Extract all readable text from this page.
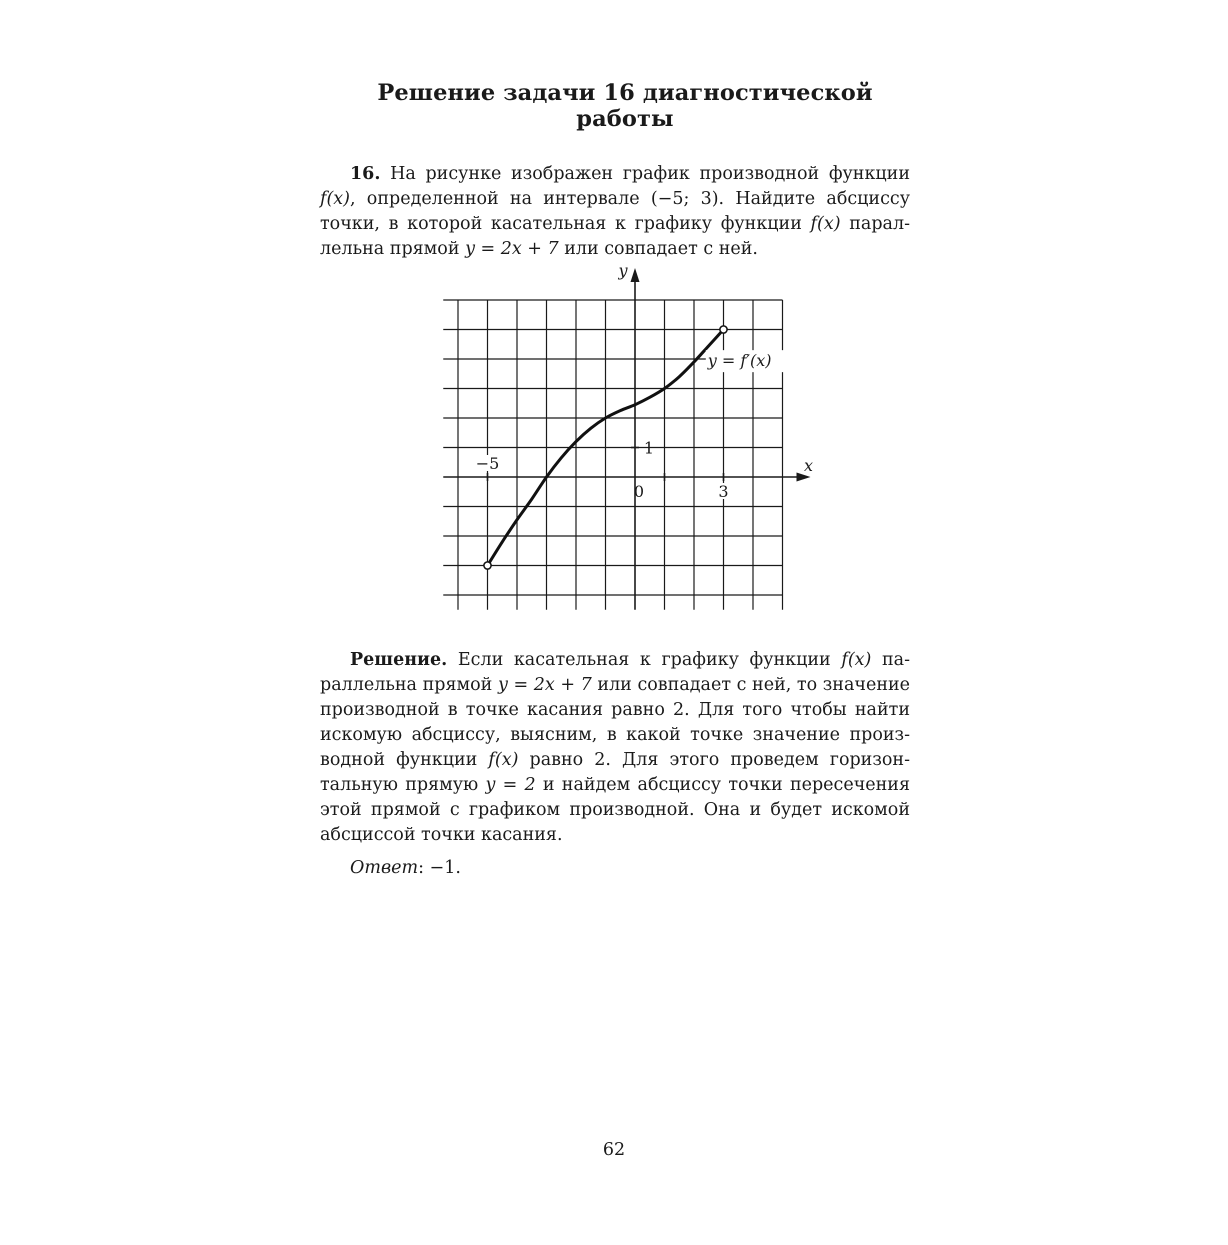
Решение задачи 16 диагностической работы

16. На рисунке изображен график производной функции f(x), определенной на интервале (−5; 3). Найдите абсциссу точки, в которой касательная к графику функции f(x) парал-лельна прямой y = 2x + 7 или совпадает с ней.

x
y
−5
0	3
1
y = f′(x)

Решение. Если касательная к графику функции f(x) па-раллельна прямой y = 2x + 7 или совпадает с ней, то значение производной в точке касания равно 2. Для того чтобы найти искомую абсциссу, выясним, в какой точке значение произ-водной функции f(x) равно 2. Для этого проведем горизон-тальную прямую y = 2 и найдем абсциссу точки пересечения этой прямой с графиком производной. Она и будет искомой абсциссой точки касания.

Ответ: −1.

62
